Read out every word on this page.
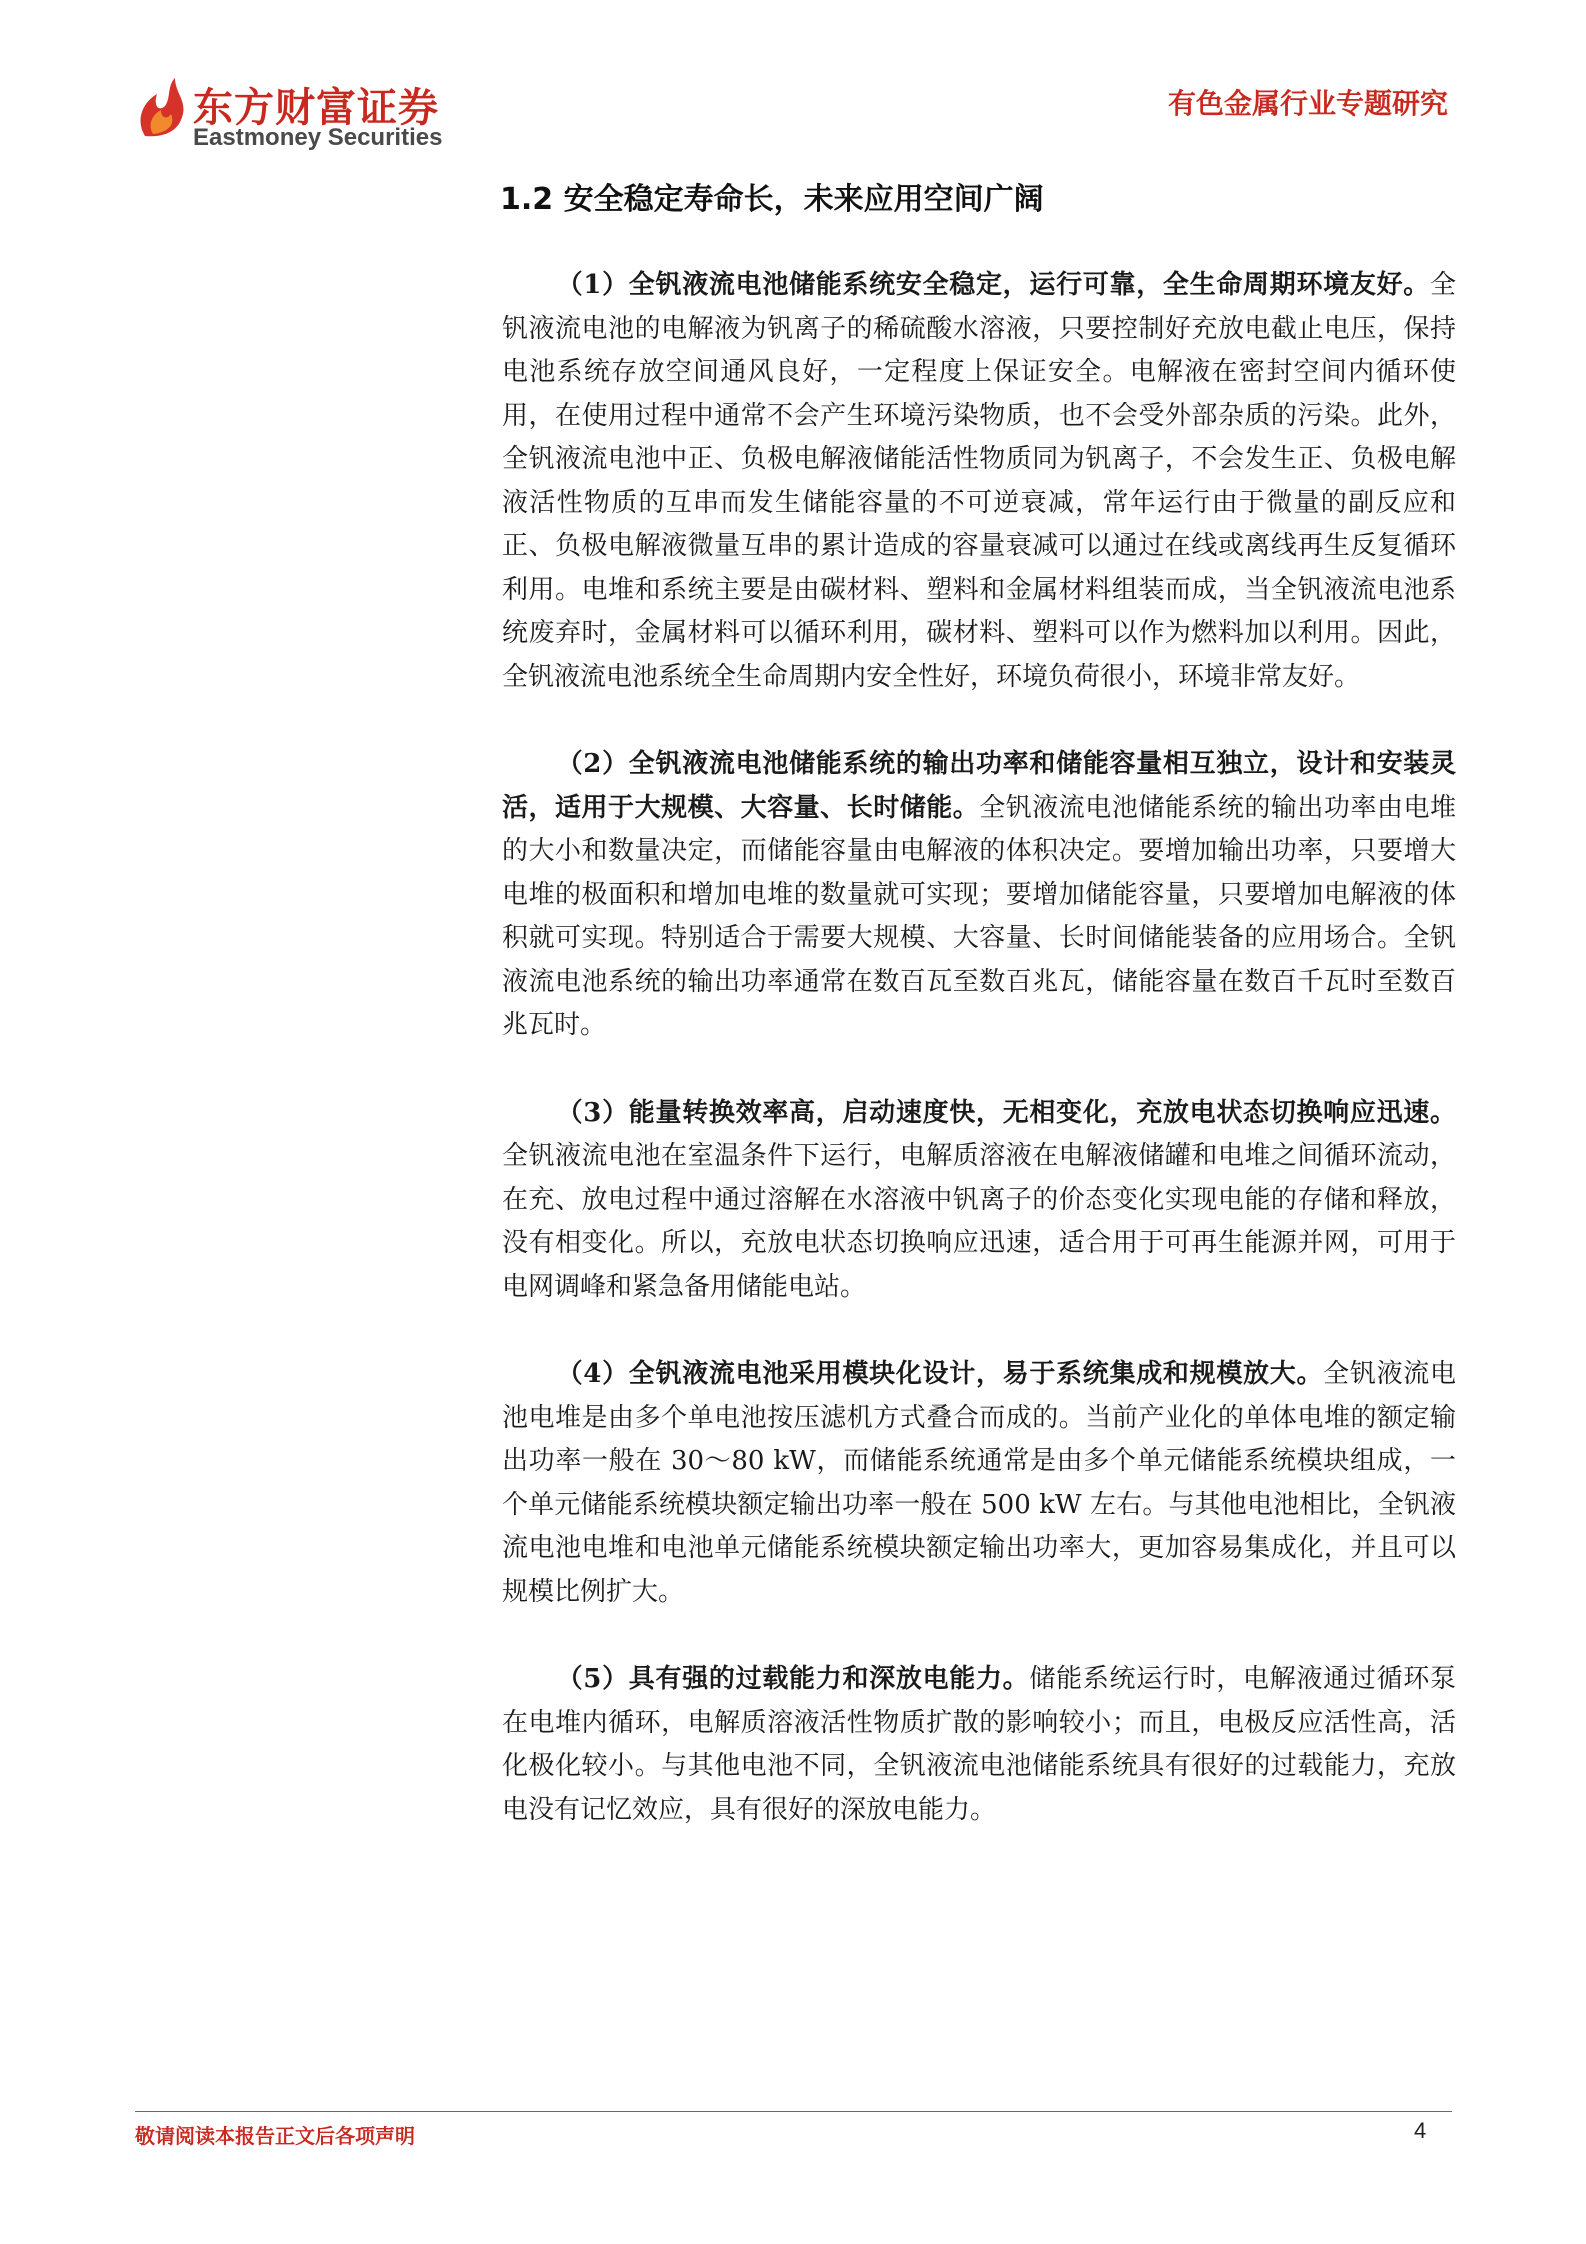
东方财富证券
Eastmoney Securities
有色金属行业专题研究
1.2 安全稳定寿命长，未来应用空间广阔

（1）全钒液流电池储能系统安全稳定，运行可靠，全生命周期环境友好。全钒液流电池的电解液为钒离子的稀硫酸水溶液，只要控制好充放电截止电压，保持电池系统存放空间通风良好，一定程度上保证安全。电解液在密封空间内循环使用，在使用过程中通常不会产生环境污染物质，也不会受外部杂质的污染。此外，全钒液流电池中正、负极电解液储能活性物质同为钒离子，不会发生正、负极电解液活性物质的互串而发生储能容量的不可逆衰减，常年运行由于微量的副反应和正、负极电解液微量互串的累计造成的容量衰减可以通过在线或离线再生反复循环利用。电堆和系统主要是由碳材料、塑料和金属材料组装而成，当全钒液流电池系统废弃时，金属材料可以循环利用，碳材料、塑料可以作为燃料加以利用。因此，全钒液流电池系统全生命周期内安全性好，环境负荷很小，环境非常友好。

（2）全钒液流电池储能系统的输出功率和储能容量相互独立，设计和安装灵活，适用于大规模、大容量、长时储能。全钒液流电池储能系统的输出功率由电堆的大小和数量决定，而储能容量由电解液的体积决定。要增加输出功率，只要增大电堆的极面积和增加电堆的数量就可实现；要增加储能容量，只要增加电解液的体积就可实现。特别适合于需要大规模、大容量、长时间储能装备的应用场合。全钒液流电池系统的输出功率通常在数百瓦至数百兆瓦，储能容量在数百千瓦时至数百兆瓦时。

（3）能量转换效率高，启动速度快，无相变化，充放电状态切换响应迅速。 全钒液流电池在室温条件下运行，电解质溶液在电解液储罐和电堆之间循环流动，在充、放电过程中通过溶解在水溶液中钒离子的价态变化实现电能的存储和释放，没有相变化。所以，充放电状态切换响应迅速，适合用于可再生能源并网，可用于电网调峰和紧急备用储能电站。

（4）全钒液流电池采用模块化设计，易于系统集成和规模放大。全钒液流电池电堆是由多个单电池按压滤机方式叠合而成的。当前产业化的单体电堆的额定输出功率一般在 30～80 kW，而储能系统通常是由多个单元储能系统模块组成，一个单元储能系统模块额定输出功率一般在 500 kW 左右。与其他电池相比，全钒液流电池电堆和电池单元储能系统模块额定输出功率大，更加容易集成化，并且可以规模比例扩大。

（5）具有强的过载能力和深放电能力。储能系统运行时，电解液通过循环泵在电堆内循环，电解质溶液活性物质扩散的影响较小；而且，电极反应活性高，活化极化较小。与其他电池不同，全钒液流电池储能系统具有很好的过载能力，充放电没有记忆效应，具有很好的深放电能力。

敬请阅读本报告正文后各项声明	4
